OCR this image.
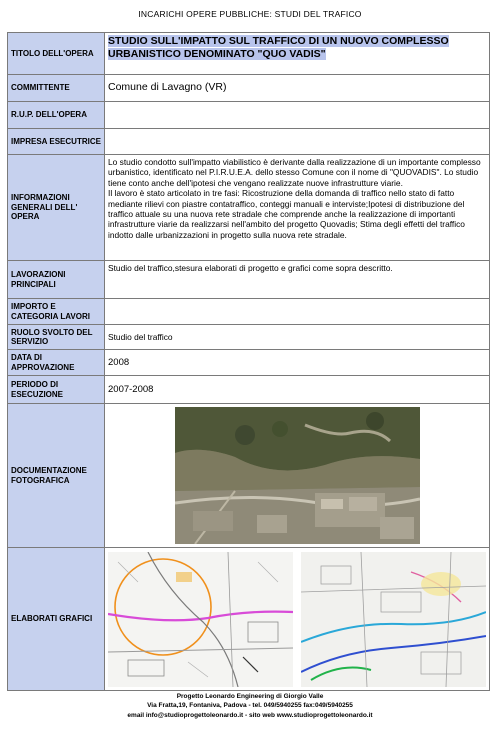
INCARICHI OPERE PUBBLICHE: STUDI DEL TRAFICO
TITOLO DELL'OPERA	STUDIO SULL'IMPATTO SUL TRAFFICO DI UN NUOVO COMPLESSO URBANISTICO DENOMINATO "QUO VADIS"
COMMITTENTE	Comune di Lavagno (VR)
R.U.P. DELL'OPERA	
IMPRESA ESECUTRICE	
INFORMAZIONI GENERALI DELL' OPERA	Lo studio condotto sull'impatto viabilistico è derivante dalla realizzazione di un importante complesso urbanistico, identificato nel P.I.R.U.E.A. dello stesso Comune con il nome di "QUOVADIS". Lo studio tiene conto anche dell'ipotesi che vengano realizzate nuove infrastrutture viarie.

Il lavoro è stato articolato in tre fasi: Ricostruzione della domanda di traffico nello stato di fatto mediante rilievi con piastre contatraffico, conteggi manuali e interviste;Ipotesi di distribuzione del traffico attuale su una nuova rete stradale che comprende anche la realizzazione di importanti infrastrutture viarie da realizzarsi nell'ambito del progetto Quovadis; Stima degli effetti del traffico indotto dalle urbanizzazioni in progetto sulla nuova rete stradale.

LAVORAZIONI PRINCIPALI	Studio del traffico,stesura elaborati di progetto e grafici come sopra descritto.
IMPORTO E CATEGORIA LAVORI	
RUOLO SVOLTO DEL SERVIZIO	Studio del traffico
DATA DI APPROVAZIONE	2008
PERIODO DI ESECUZIONE	2007-2008
DOCUMENTAZIONE FOTOGRAFICA	

ELABORATI GRAFICI	
Progetto Leonardo Engineering di Giorgio Valle
Via Fratta,19, Fontaniva, Padova - tel. 049/5940255 fax:049/5940255
email info@studioprogettoleonardo.it - sito web www.studioprogettoleonardo.it
